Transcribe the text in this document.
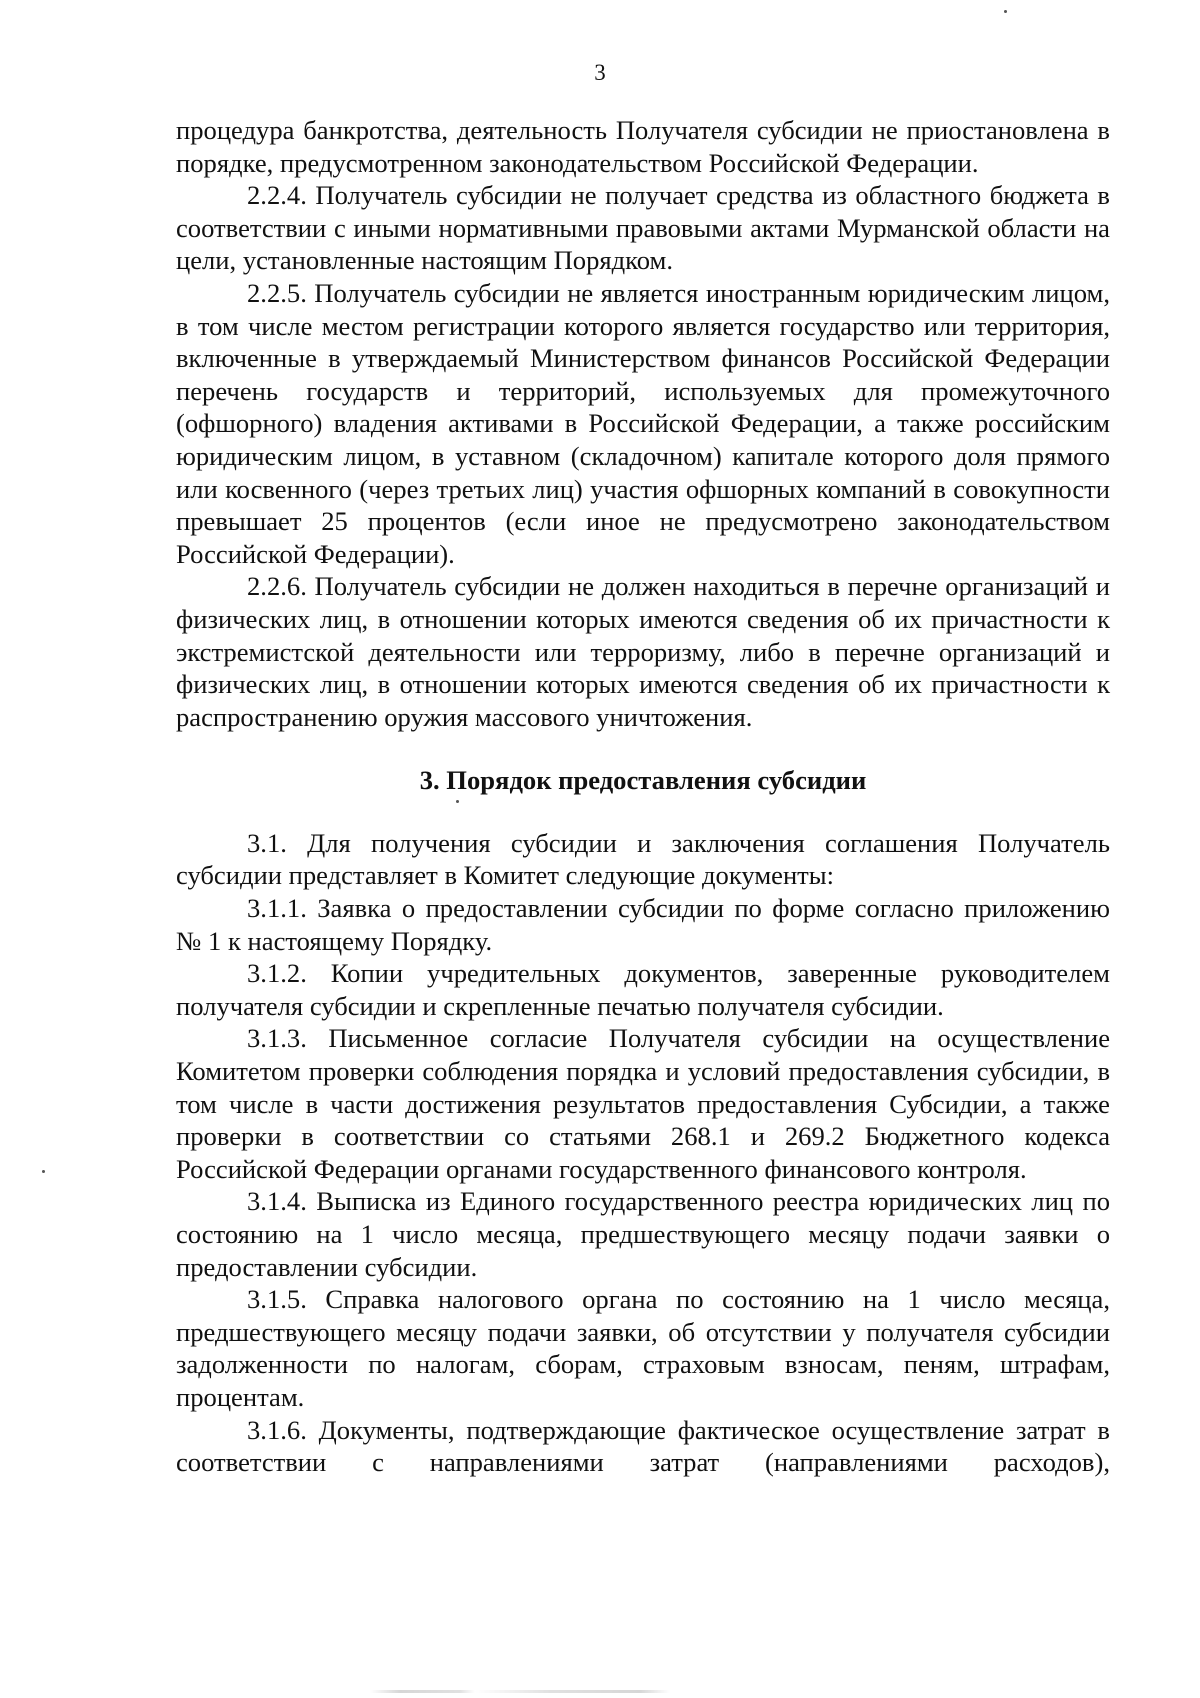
3

процедура банкротства, деятельность Получателя субсидии не приостановлена в порядке, предусмотренном законодательством Российской Федерации.

2.2.4. Получатель субсидии не получает средства из областного бюджета в соответствии с иными нормативными правовыми актами Мурманской области на цели, установленные настоящим Порядком.

2.2.5. Получатель субсидии не является иностранным юридическим лицом, в том числе местом регистрации которого является государство или территория, включенные в утверждаемый Министерством финансов Российской Федерации перечень государств и территорий, используемых для промежуточного (офшорного) владения активами в Российской Федерации, а также российским юридическим лицом, в уставном (складочном) капитале которого доля прямого или косвенного (через третьих лиц) участия офшорных компаний в совокупности превышает 25 процентов (если иное не предусмотрено законодательством Российской Федерации).

2.2.6. Получатель субсидии не должен находиться в перечне организаций и физических лиц, в отношении которых имеются сведения об их причастности к экстремистской деятельности или терроризму, либо в перечне организаций и физических лиц, в отношении которых имеются сведения об их причастности к распространению оружия массового уничтожения.

3. Порядок предоставления субсидии

3.1. Для получения субсидии и заключения соглашения Получатель субсидии представляет в Комитет следующие документы:

3.1.1. Заявка о предоставлении субсидии по форме согласно приложению № 1 к настоящему Порядку.

3.1.2. Копии учредительных документов, заверенные руководителем получателя субсидии и скрепленные печатью получателя субсидии.

3.1.3. Письменное согласие Получателя субсидии на осуществление Комитетом проверки соблюдения порядка и условий предоставления субсидии, в том числе в части достижения результатов предоставления Субсидии, а также проверки в соответствии со статьями 268.1 и 269.2 Бюджетного кодекса Российской Федерации органами государственного финансового контроля.

3.1.4. Выписка из Единого государственного реестра юридических лиц по состоянию на 1 число месяца, предшествующего месяцу подачи заявки о предоставлении субсидии.

3.1.5. Справка налогового органа по состоянию на 1 число месяца, предшествующего месяцу подачи заявки, об отсутствии у получателя субсидии задолженности по налогам, сборам, страховым взносам, пеням, штрафам, процентам.

3.1.6. Документы, подтверждающие фактическое осуществление затрат в соответствии с направлениями затрат (направлениями расходов),
